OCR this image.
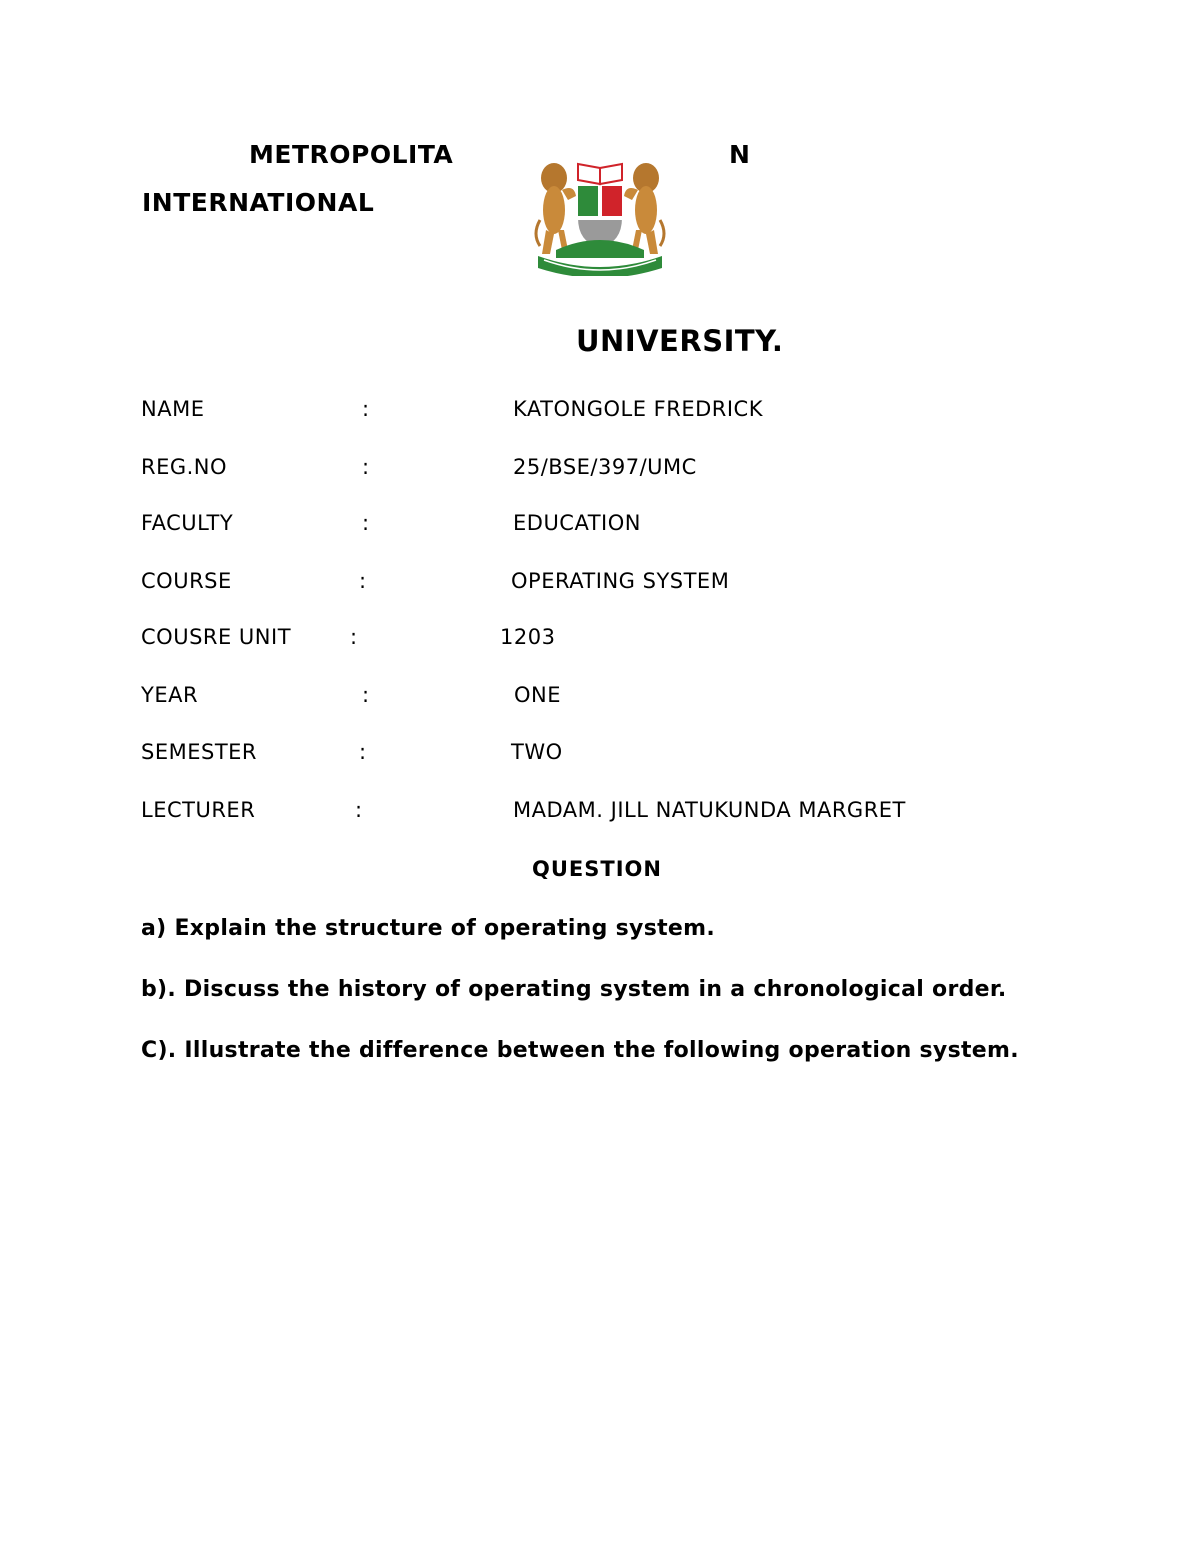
METROPOLITA	N
INTERNATIONAL
UNIVERSITY.
NAME	:	KATONGOLE FREDRICK
REG.NO	:	25/BSE/397/UMC
FACULTY	:	EDUCATION
COURSE	:	OPERATING SYSTEM
COUSRE UNIT	:	1203
YEAR	:	ONE
SEMESTER	:	TWO
LECTURER	:	MADAM. JILL NATUKUNDA MARGRET
QUESTION
a) Explain the structure of operating system.
b). Discuss the history of operating system in a chronological order.
C). Illustrate the difference between the following operation system.
